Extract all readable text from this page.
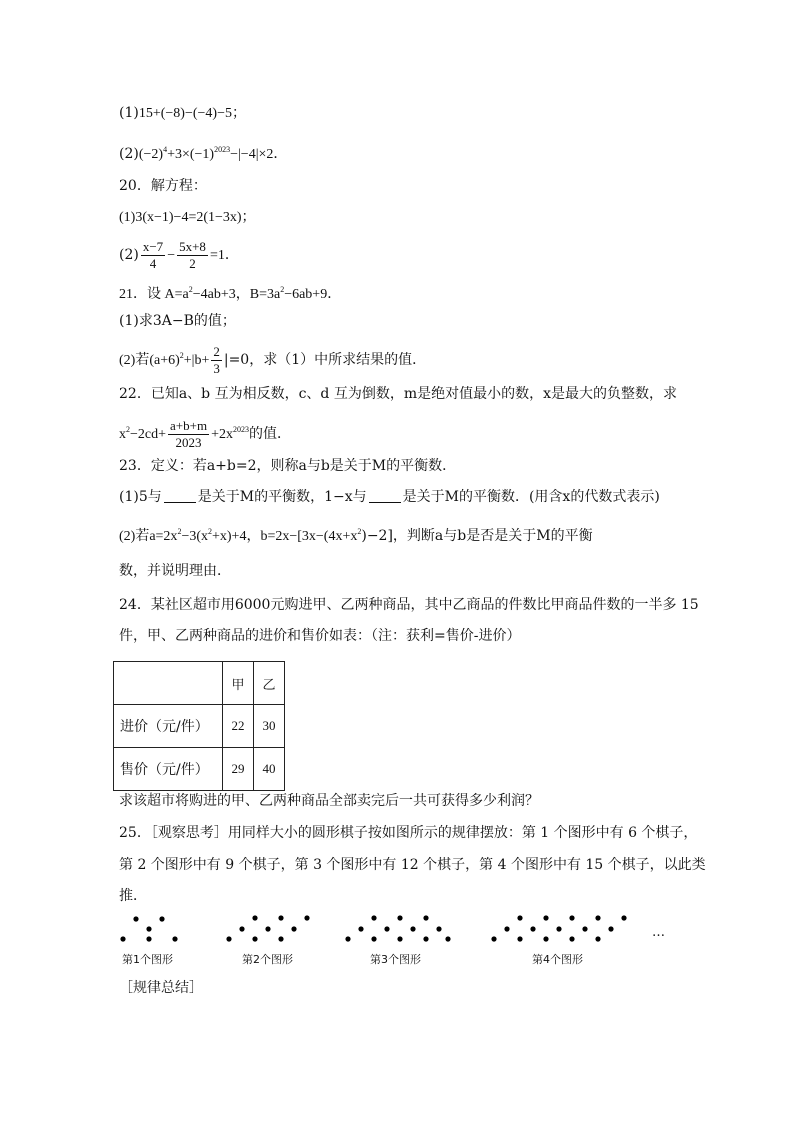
(1)15+(−8)−(−4)−5；
$(2)(-2)^4+3\times(-1)^{2023}-|-4|\times 2$．
20．解方程：
(1)3(x−1)−4=2(1−3x)；
$(2) \frac{x-7}{4} - \frac{5x+8}{2} =1$．
21．设 $A=a^2-4ab+3$，$B=3a^2-6ab+9$．
(1)求3A−B的值；
(2)若$(a+6)^2+|b+ \frac{2}{3} |=0$，求（1）中所求结果的值．
22．已知a、b 互为相反数，c、d 互为倒数，m是绝对值最小的数，x是最大的负整数，求
$x^2-2cd+ \frac{a+b+m}{2023} +2x^{2023}$的值．
23．定义：若a+b=2，则称a与b是关于M的平衡数．
(1)5与	是关于M的平衡数，1−x与	是关于M的平衡数．(用含x的代数式表示)
(2)若$a=2x^2-3(x^2+x)+4$，$b=2x-[3x-(4x+x^2)-2]$，判断a与b是否是关于M的平衡
数，并说明理由．
24．某社区超市用6000元购进甲、乙两种商品，其中乙商品的件数比甲商品件数的一半多 15
件，甲、乙两种商品的进价和售价如表：（注：获利=售价-进价）
	甲	乙
进价（元/件）	22	30
售价（元/件）	29	40
求该超市将购进的甲、乙两种商品全部卖完后一共可获得多少利润？
25．［观察思考］用同样大小的圆形棋子按如图所示的规律摆放：第 1 个图形中有 6 个棋子，
第 2 个图形中有 9 个棋子，第 3 个图形中有 12 个棋子，第 4 个图形中有 15 个棋子，以此类
推．
…
第1个图形	第2个图形	第3个图形	第4个图形
［规律总结］
